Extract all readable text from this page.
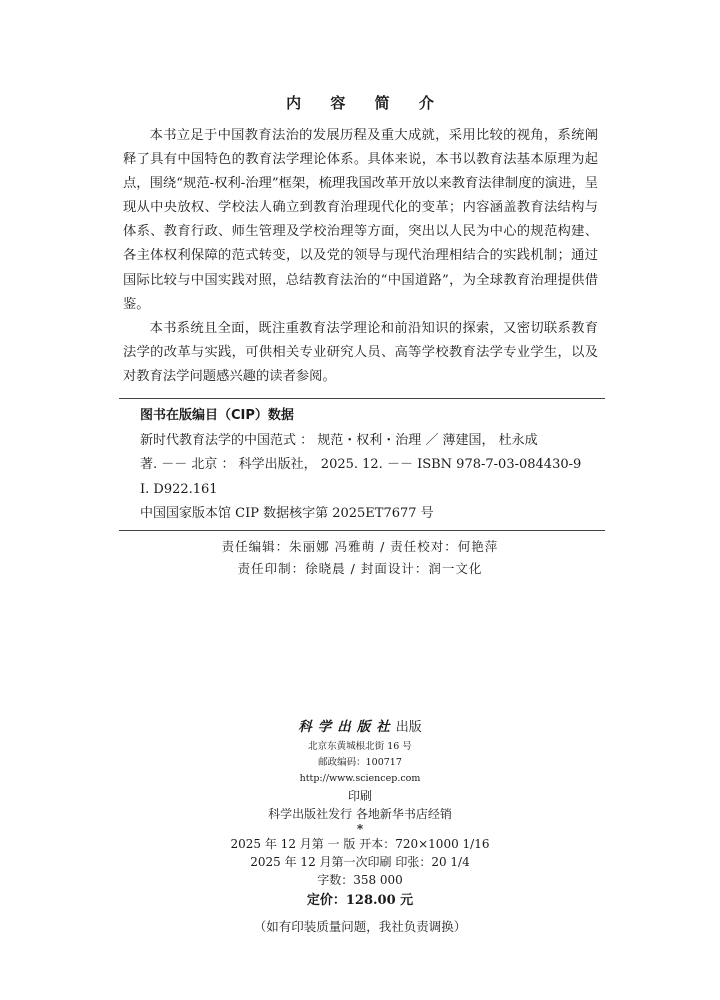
内 容 简 介

本书立足于中国教育法治的发展历程及重大成就，采用比较的视角，系统阐释了具有中国特色的教育法学理论体系。具体来说，本书以教育法基本原理为起点，围绕“规范-权利-治理”框架，梳理我国改革开放以来教育法律制度的演进，呈现从中央放权、学校法人确立到教育治理现代化的变革；内容涵盖教育法结构与体系、教育行政、师生管理及学校治理等方面，突出以人民为中心的规范构建、各主体权利保障的范式转变，以及党的领导与现代治理相结合的实践机制；通过国际比较与中国实践对照，总结教育法治的“中国道路”，为全球教育治理提供借鉴。

本书系统且全面，既注重教育法学理论和前沿知识的探索，又密切联系教育法学的改革与实践，可供相关专业研究人员、高等学校教育法学专业学生，以及对教育法学问题感兴趣的读者参阅。

图书在版编目（CIP）数据
新时代教育法学的中国范式 ： 规范・权利・治理 ／ 薄建国， 杜永成
著. －－ 北京 ： 科学出版社， 2025. 12. －－ ISBN 978-7-03-084430-9
Ⅰ. D922.161
中国国家版本馆 CIP 数据核字第 2025ET7677 号
责任编辑：朱丽娜 冯雅萌 / 责任校对：何艳萍
责任印制：徐晓晨 / 封面设计：润一文化
科学出版社出版
北京东黄城根北街 16 号
邮政编码：100717
http://www.sciencep.com
印刷
科学出版社发行 各地新华书店经销
*
2025 年 12 月第 一 版 开本：720×1000 1/16
2025 年 12 月第一次印刷 印张：20 1/4
字数：358 000
定价：128.00 元
（如有印装质量问题，我社负责调换）
